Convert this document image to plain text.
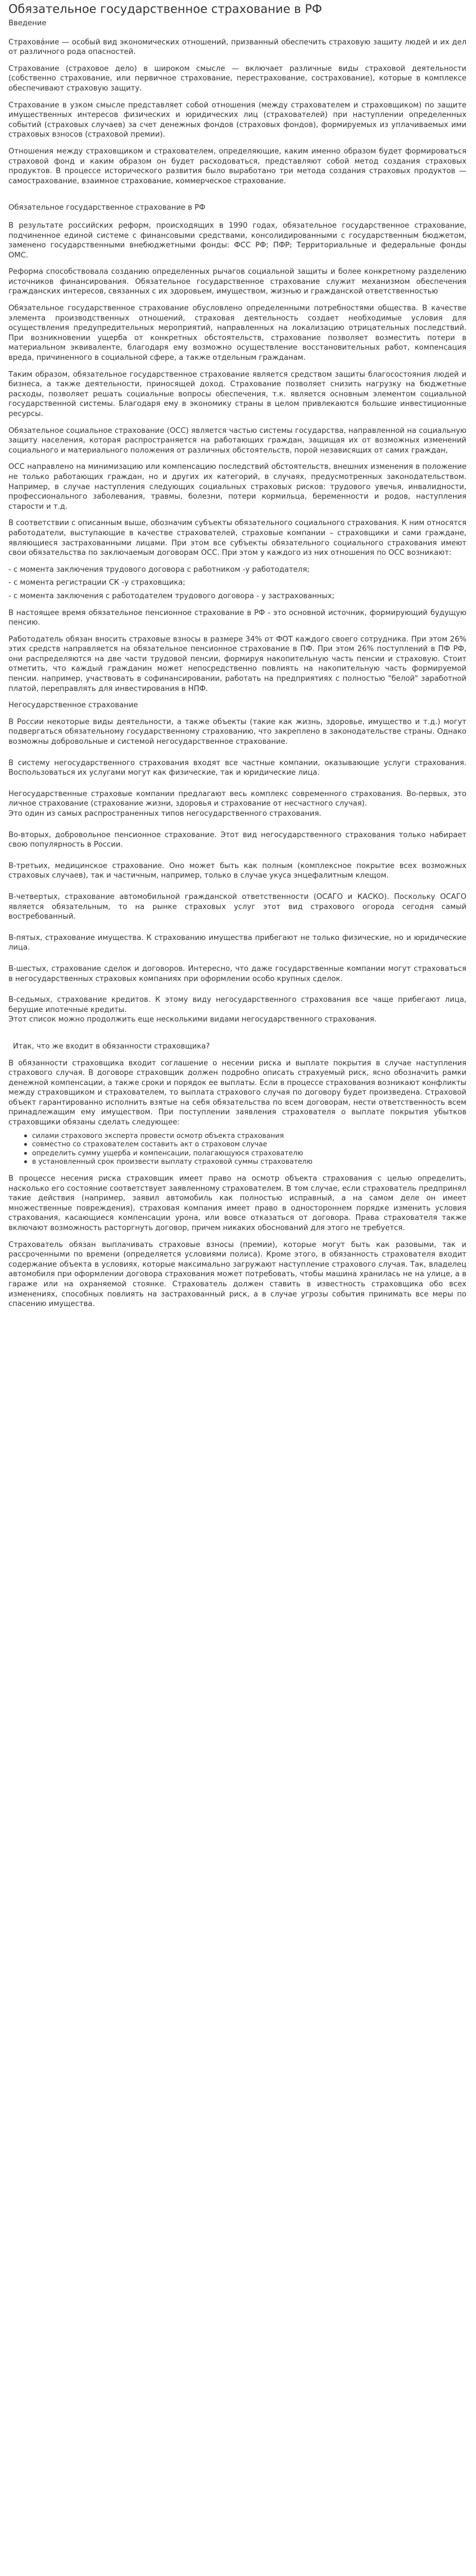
Обязательное государственное страхование в РФ

Введение

Страховáние — особый вид экономических отношений, призванный обеспечить страховую защиту людей и их дел от различного рода опасностей.

Страхование (страховое дело) в широком смысле — включает различные виды страховой деятельности (собственно страхование, или первичное страхование, перестрахование, сострахование), которые в комплексе обеспечивают страховую защиту.

Страхование в узком смысле представляет собой отношения (между страхователем и страховщиком) по защите имущественных интересов физических и юридических лиц (страхователей) при наступлении определенных событий (страховых случаев) за счет денежных фондов (страховых фондов), формируемых из уплачиваемых ими страховых взносов (страховой премии).

Отношения между страховщиком и страхователем, определяющие, каким именно образом будет формироваться страховой фонд и каким образом он будет расходоваться, представляют собой метод создания страховых продуктов. В процессе исторического развития было выработано три метода создания страховых продуктов — самострахование, взаимное страхование, коммерческое страхование.

Обязательное государственное страхование в РФ

В результате российских реформ, происходящих в 1990 годах, обязательное государственное страхование, подчиненное единой системе с финансовыми средствами, консолидированными с государственным бюджетом, заменено государственными внебюджетными фонды: ФСС РФ; ПФР; Территориальные и федеральные фонды ОМС.

Реформа способствовала созданию определенных рычагов социальной защиты и более конкретному разделению источников финансирования. Обязательное государственное страхование служит механизмом обеспечения гражданских интересов, связанных с их здоровьем, имуществом, жизнью и гражданской ответственностью

Обязательное государственное страхование обусловлено определенными потребностями общества. В качестве элемента производственных отношений, страховая деятельность создает необходимые условия для осуществления предупредительных мероприятий, направленных на локализацию отрицательных последствий. При возникновении ущерба от конкретных обстоятельств, страхование позволяет возместить потери в материальном эквиваленте, благодаря ему возможно осуществление восстановительных работ, компенсация вреда, причиненного в социальной сфере, а также отдельным гражданам.

Таким образом, обязательное государственное страхование является средством защиты благосостояния людей и бизнеса, а также деятельности, приносящей доход. Страхование позволяет снизить нагрузку на бюджетные расходы, позволяет решать социальные вопросы обеспечения, т.к. является основным элементом социальной государственной системы. Благодаря ему в экономику страны в целом привлекаются большие инвестиционные ресурсы.

Обязательное социальное страхование (ОСС) является частью системы государства, направленной на социальную защиту населения, которая распространяется на работающих граждан, защищая их от возможных изменений социального и материального положения от различных обстоятельств, порой независящих от самих граждан,

ОСС направлено на минимизацию или компенсацию последствий обстоятельств, внешних изменения в положение не только работающих граждан, но и других их категорий, в случаях, предусмотренных законодательством. Например, в случае наступления следующих социальных страховых рисков: трудового увечья, инвалидности, профессионального заболевания, травмы, болезни, потери кормильца, беременности и родов, наступления старости и т.д.

В соответствии с описанным выше, обозначим субъекты обязательного социального страхования. К ним относятся работодатели, выступающие в качестве страхователей, страховые компании – страховщики и сами граждане, являющиеся застрахованными лицами. При этом все субъекты обязательного социального страхования имеют свои обязательства по заключаемым договорам ОСС. При этом у каждого из них отношения по ОСС возникают:

- с момента заключения трудового договора с работником -у работодателя;

- с момента регистрации СК -у страховщика;

- с момента заключения с работодателем трудового договора - у застрахованных;

В настоящее время обязательное пенсионное страхование в РФ - это основной источник, формирующий будущую пенсию.

Работодатель обязан вносить страховые взносы в размере 34% от ФОТ каждого своего сотрудника. При этом 26% этих средств направляется на обязательное пенсионное страхование в ПФ. При этом 26% поступлений в ПФ РФ, они распределяются на две части трудовой пенсии, формируя накопительную часть пенсии и страховую. Стоит отметить, что каждый гражданин может непосредственно повлиять на накопительную часть формируемой пенсии. например, участвовать в софинансировании, работать на предприятиях с полностью "белой" заработной платой, переправлять для инвестирования в НПФ.

Негосударственное страхование

В России некоторые виды деятельности, а также объекты (такие как жизнь, здоровье, имущество и т.д.) могут подвергаться обязательному государственному страхованию, что закреплено в законодательстве страны. Однако возможны добровольные и системой негосударственное страхование.

В систему негосударственного страхования входят все частные компании, оказывающие услуги страхования. Воспользоваться их услугами могут как физические, так и юридические лица.

Негосударственные страховые компании предлагают весь комплекс современного страхования. Во-первых, это личное страхование (страхование жизни, здоровья и страхование от несчастного случая).
Это один из самых распространенных типов негосударственного страхования.

Во-вторых, добровольное пенсионное страхование. Этот вид негосударственного страхования только набирает свою популярность в России.

В-третьих, медицинское страхование. Оно может быть как полным (комплексное покрытие всех возможных страховых случаев), так и частичным, например, только в случае укуса энцефалитным клещом.

В-четвертых, страхование автомобильной гражданской ответственности (ОСАГО и КАСКО). Поскольку ОСАГО является обязательным, то на рынке страховых услуг этот вид страхового огорода сегодня самый востребованный.

В-пятых, страхование имущества. К страхованию имущества прибегают не только физические, но и юридические лица.

В-шестых, страхование сделок и договоров. Интересно, что даже государственные компании могут страховаться в негосударственных страховых компаниях при оформлении особо крупных сделок.

В-седьмых, страхование кредитов. К этому виду негосударственного страхования все чаще прибегают лица, берущие ипотечные кредиты.
Этот список можно продолжить еще несколькими видами негосударственного страхования.

Итак, что же входит в обязанности страховщика?

В обязанности страховщика входит соглашение о несении риска и выплате покрытия в случае наступления страхового случая. В договоре страховщик должен подробно описать страхуемый риск, ясно обозначить рамки денежной компенсации, а также сроки и порядок ее выплаты. Если в процессе страхования возникают конфликты между страховщиком и страхователем, то выплата страхового случая по договору будет произведена. Страховой объект гарантированно исполнить взятые на себя обязательства по всем договорам, нести ответственность всем принадлежащим ему имуществом. При поступлении заявления страхователя о выплате покрытия убытков страховщики обязаны сделать следующее:

силами страхового эксперта провести осмотр объекта страхования
совместно со страхователем составить акт о страховом случае
определить сумму ущерба и компенсации, полагающуюся страхователю
в установленный срок произвести выплату страховой суммы страхователю

В процессе несения риска страховщик имеет право на осмотр объекта страхования с целью определить, насколько его состояние соответствует заявленному страхователем. В том случае, если страхователь предпринял такие действия (например, заявил автомобиль как полностью исправный, а на самом деле он имеет множественные повреждения), страховая компания имеет право в одностороннем порядке изменить условия страхования, касающиеся компенсации урона, или вовсе отказаться от договора. Права страхователя также включают возможность расторгнуть договор, причем никаких обоснований для этого не требуется.

Страхователь обязан выплачивать страховые взносы (премии), которые могут быть как разовыми, так и рассроченными по времени (определяется условиями полиса). Кроме этого, в обязанность страхователя входит содержание объекта в условиях, которые максимально загружают наступление страхового случая. Так, владелец автомобиля при оформлении договора страхования может потребовать, чтобы машина хранилась не на улице, а в гараже или на охраняемой стоянке. Страхователь должен ставить в известность страховщика обо всех изменениях, способных повлиять на застрахованный риск, а в случае угрозы события принимать все меры по спасению имущества.
